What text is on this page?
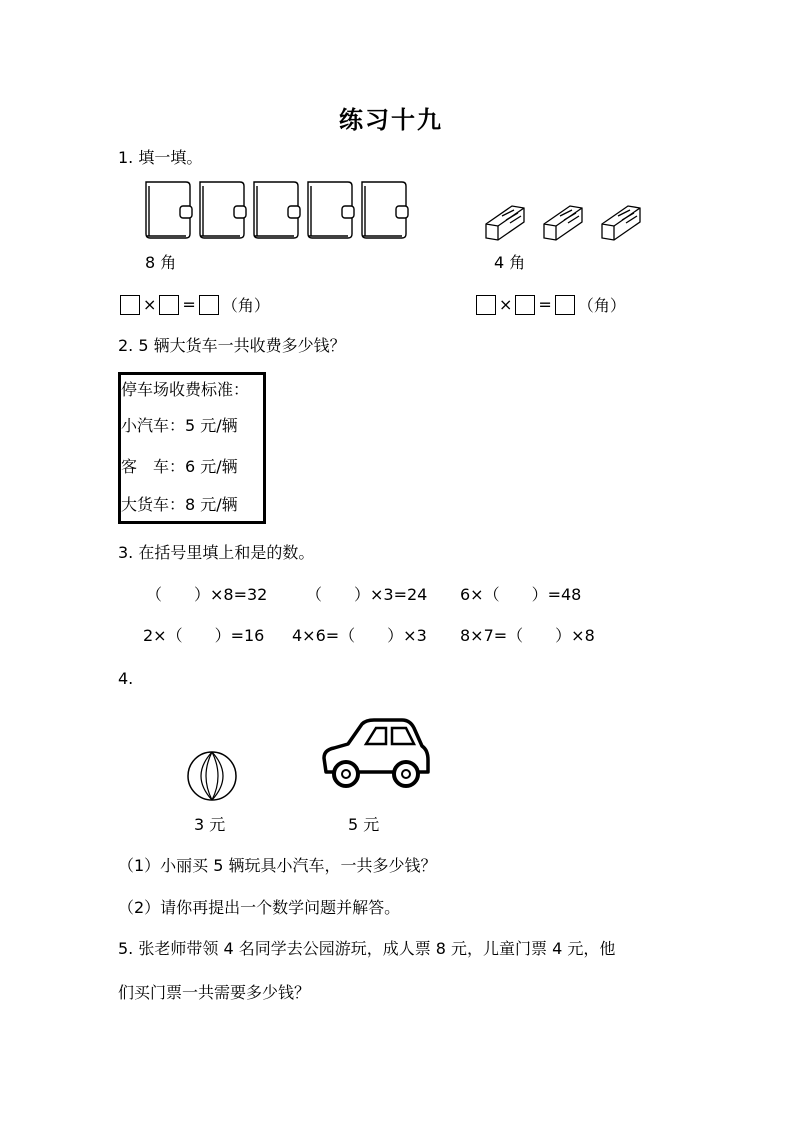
练习十九
1. 填一填。
8 角	4 角
× = （角）	× = （角）
2. 5 辆大货车一共收费多少钱？
停车场收费标准：
小汽车：5 元/辆
客　车：6 元/辆
大货车：8 元/辆
3. 在括号里填上和是的数。
（　　）×8=32 （　　）×3=24 6×（　　）=48
2×（　　）=16 4×6=（　　）×3 8×7=（　　）×8
4.
3 元	5 元
（1）小丽买 5 辆玩具小汽车，一共多少钱？
（2）请你再提出一个数学问题并解答。
5. 张老师带领 4 名同学去公园游玩，成人票 8 元，儿童门票 4 元，他
们买门票一共需要多少钱？
